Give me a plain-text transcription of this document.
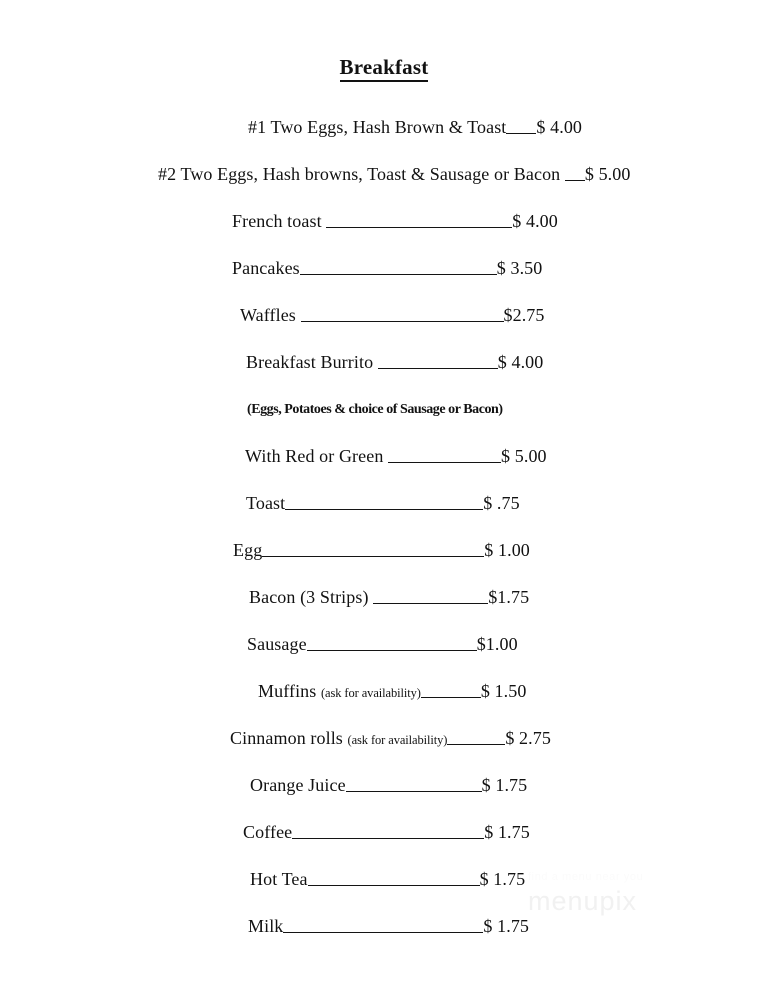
Breakfast
#1 Two Eggs, Hash Brown & Toast $ 4.00
#2 Two Eggs, Hash browns, Toast & Sausage or Bacon $ 5.00
French toast	$ 4.00
Pancakes	$ 3.50
Waffles	$2.75
Breakfast Burrito	$ 4.00
(Eggs, Potatoes & choice of Sausage or Bacon)
With Red or Green	$ 5.00
Toast	$ .75
Egg	$ 1.00
Bacon (3 Strips)	$1.75
Sausage	$1.00
Muffins (ask for availability)	$ 1.50
Cinnamon rolls (ask for availability)	$ 2.75
Orange Juice	$ 1.75
Coffee	$ 1.75
Hot Tea	$ 1.75
Milk	$ 1.75
find a menu near you
menupix
